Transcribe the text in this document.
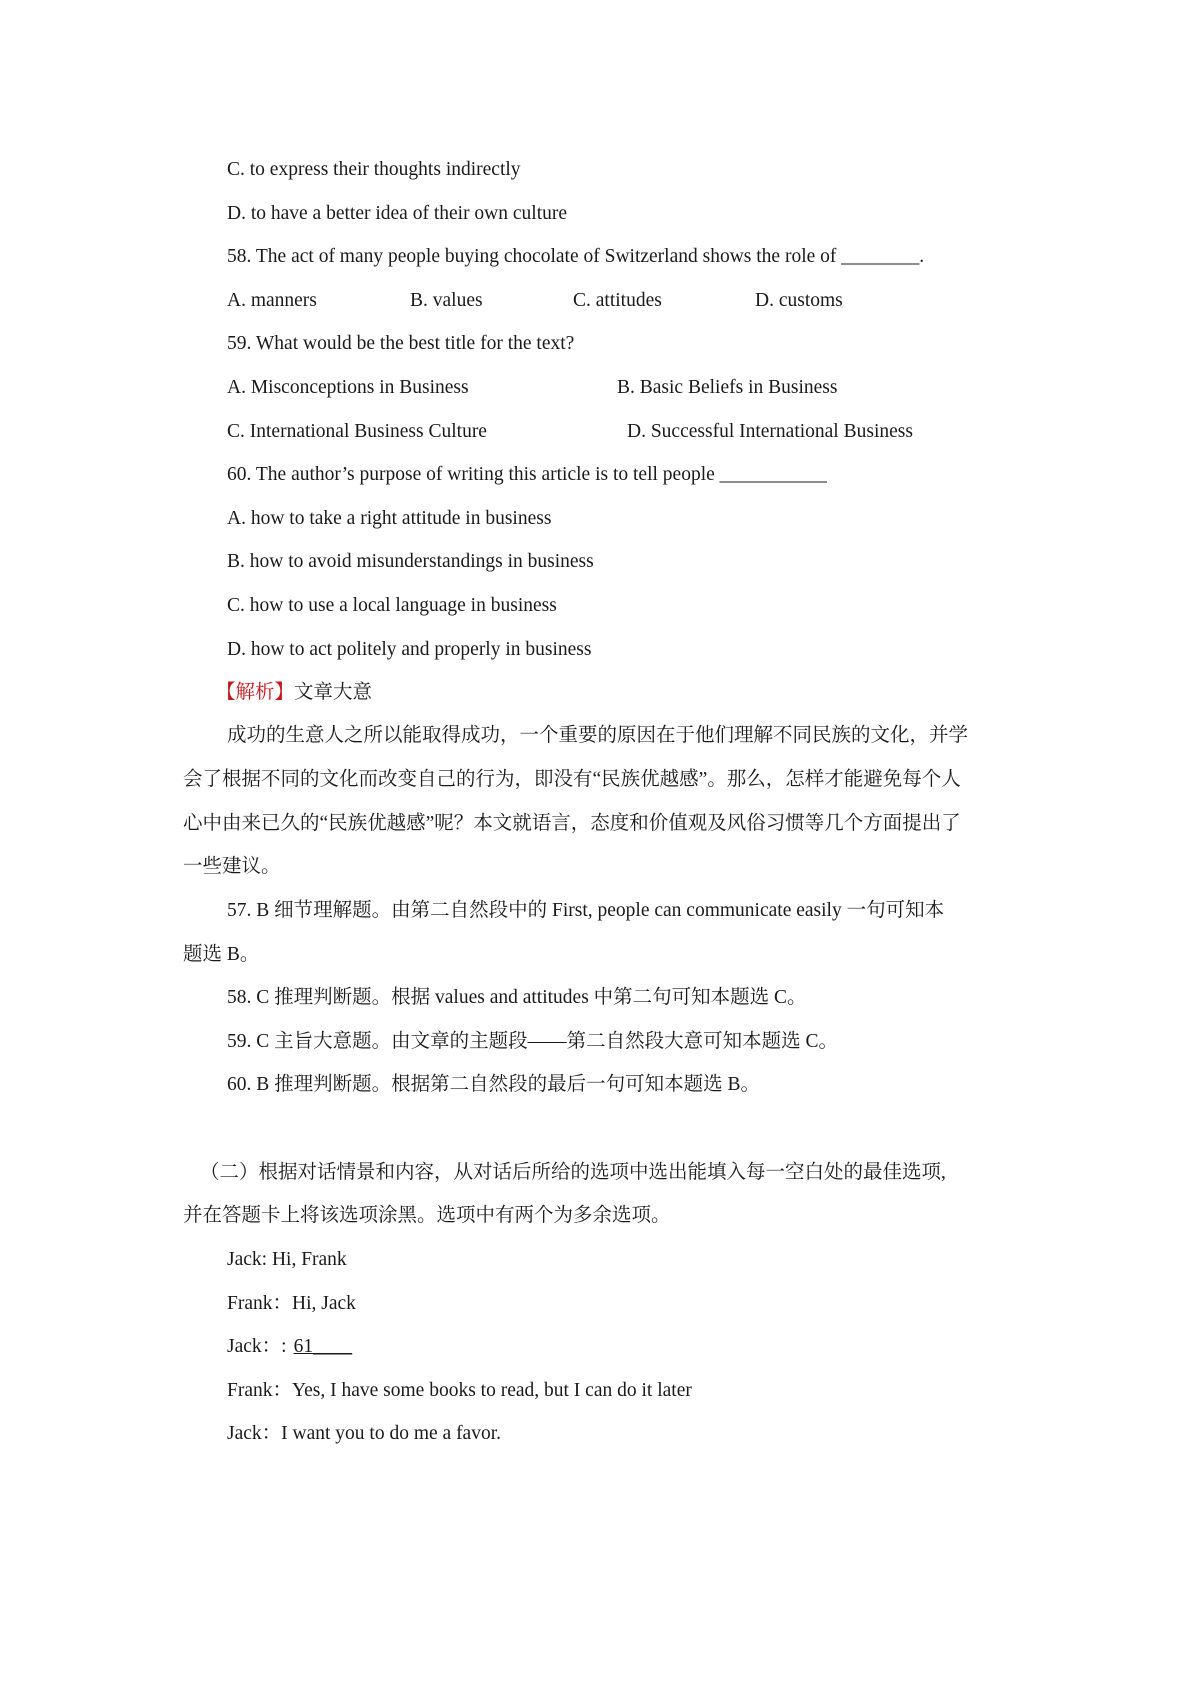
C. to express their thoughts indirectly
D. to have a better idea of their own culture
58. The act of many people buying chocolate of Switzerland shows the role of ________.
A. manners	B. values	C. attitudes	D. customs
59. What would be the best title for the text?
A. Misconceptions in Business	B. Basic Beliefs in Business
C. International Business Culture	D. Successful International Business
60. The author’s purpose of writing this article is to tell people ___________
A. how to take a right attitude in business
B. how to avoid misunderstandings in business
C. how to use a local language in business
D. how to act politely and properly in business
【解析】文章大意
成功的生意人之所以能取得成功，一个重要的原因在于他们理解不同民族的文化，并学
会了根据不同的文化而改变自己的行为，即没有“民族优越感”。那么，怎样才能避免每个人
心中由来已久的“民族优越感”呢？本文就语言，态度和价值观及风俗习惯等几个方面提出了
一些建议。
57. B 细节理解题。由第二自然段中的 First, people can communicate easily 一句可知本
题选 B。
58. C 推理判断题。根据 values and attitudes 中第二句可知本题选 C。
59. C 主旨大意题。由文章的主题段——第二自然段大意可知本题选 C。
60. B 推理判断题。根据第二自然段的最后一句可知本题选 B。
（二）根据对话情景和内容，从对话后所给的选项中选出能填入每一空白处的最佳选项,
并在答题卡上将该选项涂黑。选项中有两个为多余选项。
Jack: Hi, Frank
Frank：Hi, Jack
Jack：: 61____
Frank：Yes, I have some books to read, but I can do it later
Jack：I want you to do me a favor.
